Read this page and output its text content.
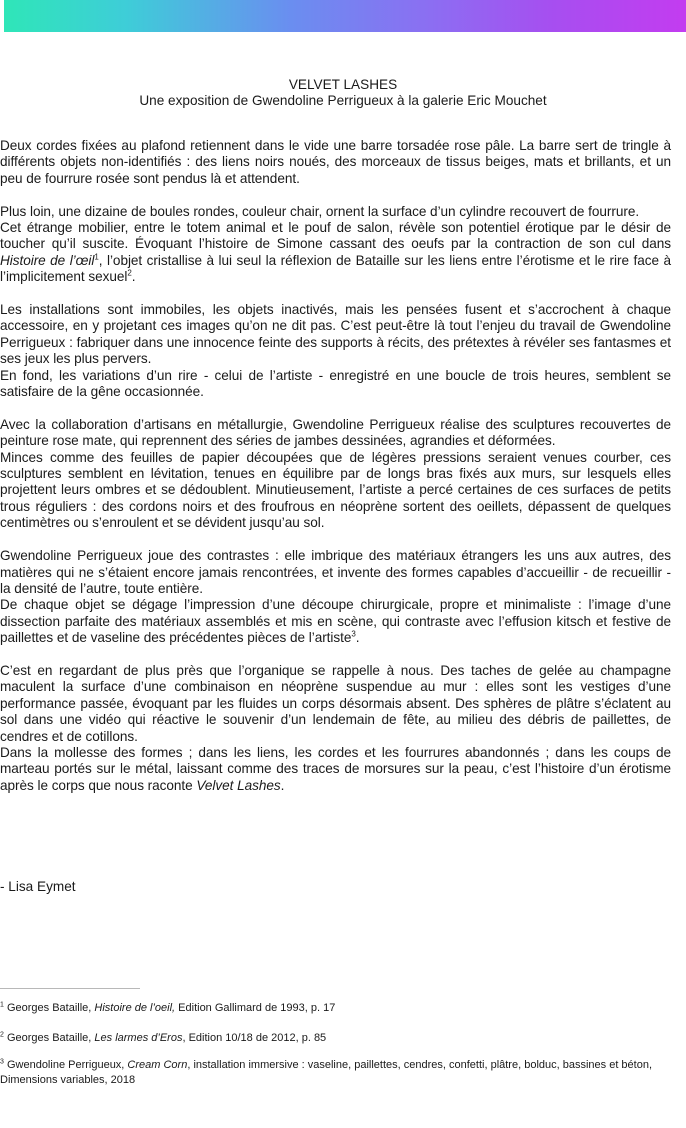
VELVET LASHES
Une exposition de Gwendoline Perrigueux à la galerie Eric Mouchet

Deux cordes fixées au plafond retiennent dans le vide une barre torsadée rose pâle. La barre sert de tringle à différents objets non-identifiés : des liens noirs noués, des morceaux de tissus beiges, mats et brillants, et un peu de fourrure rosée sont pendus là et attendent.

Plus loin, une dizaine de boules rondes, couleur chair, ornent la surface d’un cylindre recouvert de fourrure.

Cet étrange mobilier, entre le totem animal et le pouf de salon, révèle son potentiel érotique par le désir de toucher qu’il suscite. Évoquant l’histoire de Simone cassant des oeufs par la contraction de son cul dans Histoire de l’œil$^1$, l’objet cristallise à lui seul la réflexion de Bataille sur les liens entre l’érotisme et le rire face à l’implicitement sexuel$^2$.

Les installations sont immobiles, les objets inactivés, mais les pensées fusent et s’accrochent à chaque accessoire, en y projetant ces images qu’on ne dit pas. C’est peut-être là tout l’enjeu du travail de Gwendoline Perrigueux : fabriquer dans une innocence feinte des supports à récits, des prétextes à révéler ses fantasmes et ses jeux les plus pervers.

En fond, les variations d’un rire - celui de l’artiste - enregistré en une boucle de trois heures, semblent se satisfaire de la gêne occasionnée.

Avec la collaboration d’artisans en métallurgie, Gwendoline Perrigueux réalise des sculptures recouvertes de peinture rose mate, qui reprennent des séries de jambes dessinées, agrandies et déformées.

Minces comme des feuilles de papier découpées que de légères pressions seraient venues courber, ces sculptures semblent en lévitation, tenues en équilibre par de longs bras fixés aux murs, sur lesquels elles projettent leurs ombres et se dédoublent. Minutieusement, l’artiste a percé certaines de ces surfaces de petits trous réguliers : des cordons noirs et des froufrous en néoprène sortent des oeillets, dépassent de quelques centimètres ou s’enroulent et se dévident jusqu’au sol.

Gwendoline Perrigueux joue des contrastes : elle imbrique des matériaux étrangers les uns aux autres, des matières qui ne s’étaient encore jamais rencontrées, et invente des formes capables d’accueillir - de recueillir - la densité de l’autre, toute entière.

De chaque objet se dégage l’impression d’une découpe chirurgicale, propre et minimaliste : l’image d’une dissection parfaite des matériaux assemblés et mis en scène, qui contraste avec l’effusion kitsch et festive de paillettes et de vaseline des précédentes pièces de l’artiste$^3$.

C’est en regardant de plus près que l’organique se rappelle à nous. Des taches de gelée au champagne maculent la surface d’une combinaison en néoprène suspendue au mur : elles sont les vestiges d’une performance passée, évoquant par les fluides un corps désormais absent. Des sphères de plâtre s’éclatent au sol dans une vidéo qui réactive le souvenir d’un lendemain de fête, au milieu des débris de paillettes, de cendres et de cotillons.

Dans la mollesse des formes ; dans les liens, les cordes et les fourrures abandonnés ; dans les coups de marteau portés sur le métal, laissant comme des traces de morsures sur la peau, c’est l’histoire d’un érotisme après le corps que nous raconte Velvet Lashes.

- Lisa Eymet
$^1$ Georges Bataille, Histoire de l’oeil, Edition Gallimard de 1993, p. 17
$^2$ Georges Bataille, Les larmes d’Eros, Edition 10/18 de 2012, p. 85
$^3$ Gwendoline Perrigueux, Cream Corn, installation immersive : vaseline, paillettes, cendres, confetti, plâtre, bolduc, bassines et béton, Dimensions variables, 2018
